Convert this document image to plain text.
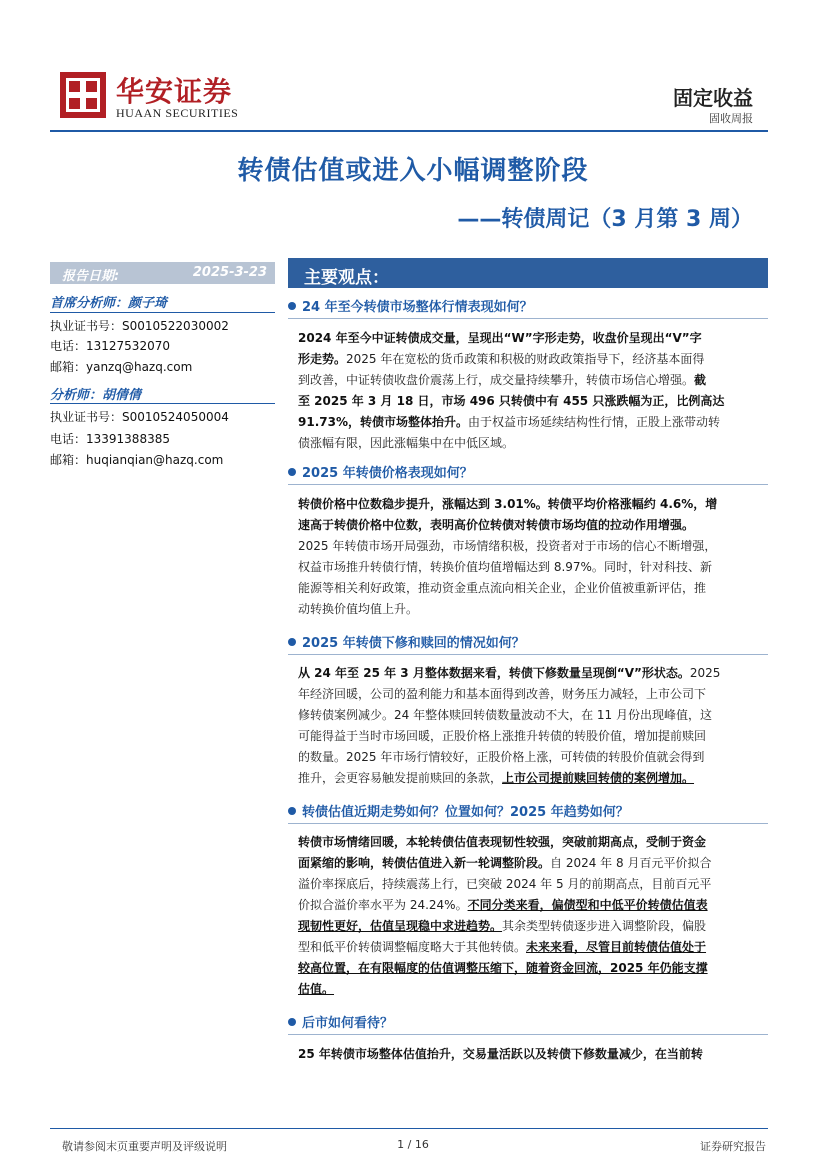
华安证券
HUAAN SECURITIES
固定收益
固收周报
转债估值或进入小幅调整阶段
——转债周记（3 月第 3 周）
报告日期:	2025-3-23
首席分析师：颜子琦
执业证书号：S0010522030002
电话：13127532070
邮箱：yanzq@hazq.com
分析师：胡倩倩
执业证书号：S0010524050004
电话：13391388385
邮箱：huqianqian@hazq.com
主要观点：
24 年至今转债市场整体行情表现如何？
2024 年至今中证转债成交量，呈现出“W”字形走势，收盘价呈现出“V”字
形走势。 2025 年在宽松的货币政策和积极的财政政策指导下，经济基本面得
到改善，中证转债收盘价震荡上行，成交量持续攀升，转债市场信心增强。 截
至 2025 年 3 月 18 日，市场 496 只转债中有 455 只涨跌幅为正，比例高达
91.73%，转债市场整体抬升。 由于权益市场延续结构性行情，正股上涨带动转
债涨幅有限，因此涨幅集中在中低区域。
2025 年转债价格表现如何？
转债价格中位数稳步提升，涨幅达到 3.01%。转债平均价格涨幅约 4.6%，增
速高于转债价格中位数，表明高价位转债对转债市场均值的拉动作用增强。
2025 年转债市场开局强劲，市场情绪积极，投资者对于市场的信心不断增强，
权益市场推升转债行情，转换价值均值增幅达到 8.97%。同时，针对科技、新
能源等相关利好政策，推动资金重点流向相关企业，企业价值被重新评估，推
动转换价值均值上升。
2025 年转债下修和赎回的情况如何？
从 24 年至 25 年 3 月整体数据来看，转债下修数量呈现倒“V”形状态。 2025
年经济回暖，公司的盈利能力和基本面得到改善，财务压力减轻，上市公司下
修转债案例减少。24 年整体赎回转债数量波动不大，在 11 月份出现峰值，这
可能得益于当时市场回暖，正股价格上涨推升转债的转股价值，增加提前赎回
的数量。2025 年市场行情较好，正股价格上涨，可转债的转股价值就会得到
推升，会更容易触发提前赎回的条款， 上市公司提前赎回转债的案例增加。
转债估值近期走势如何？位置如何？2025 年趋势如何？
转债市场情绪回暖，本轮转债估值表现韧性较强，突破前期高点，受制于资金
面紧缩的影响，转债估值进入新一轮调整阶段。 自 2024 年 8 月百元平价拟合
溢价率探底后，持续震荡上行，已突破 2024 年 5 月的前期高点，目前百元平
价拟合溢价率水平为 24.24%。 不同分类来看，偏债型和中低平价转债估值表
现韧性更好，估值呈现稳中求进趋势。 其余类型转债逐步进入调整阶段，偏股
型和低平价转债调整幅度略大于其他转债。 未来来看，尽管目前转债估值处于
较高位置，在有限幅度的估值调整压缩下，随着资金回流，2025 年仍能支撑
估值。
后市如何看待？
25 年转债市场整体估值抬升，交易量活跃以及转债下修数量减少，在当前转
敬请参阅末页重要声明及评级说明	1 / 16	证券研究报告
